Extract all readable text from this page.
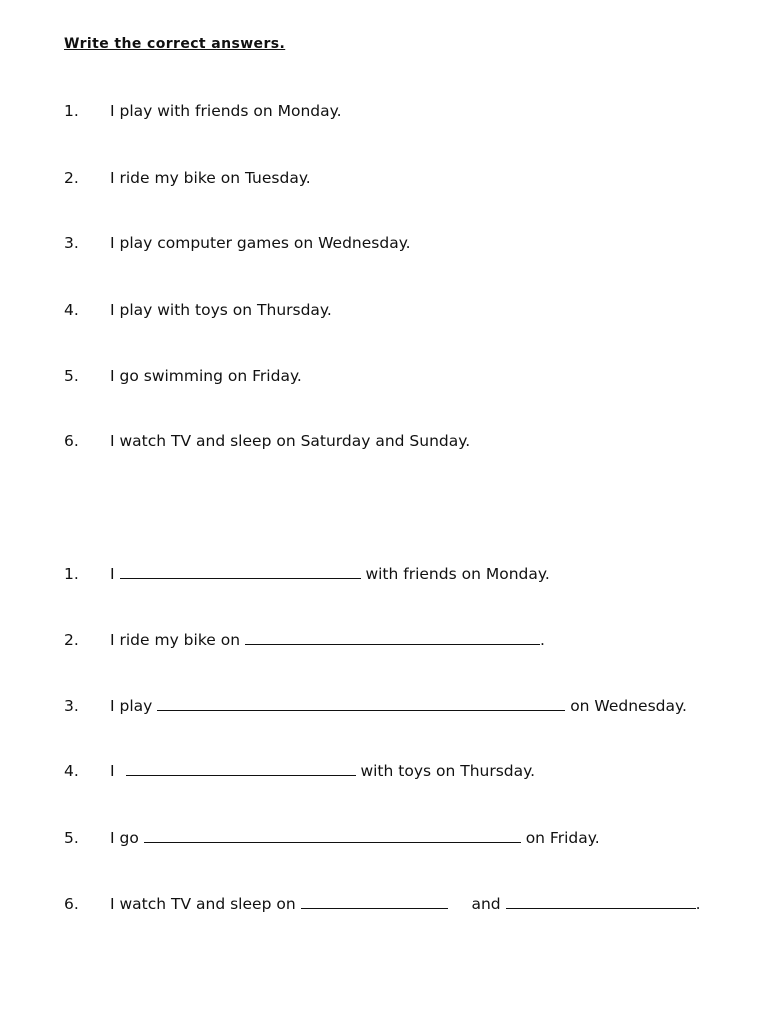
Write the correct answers.
1. I play with friends on Monday.
2. I ride my bike on Tuesday.
3. I play computer games on Wednesday.
4. I play with toys on Thursday.
5. I go swimming on Friday.
6. I watch TV and sleep on Saturday and Sunday.
1. I	with friends on Monday.
2. I ride my bike on	.
3. I play	on Wednesday.
4. I	with toys on Thursday.
5. I go	on Friday.
6. I watch TV and sleep on	and	.
